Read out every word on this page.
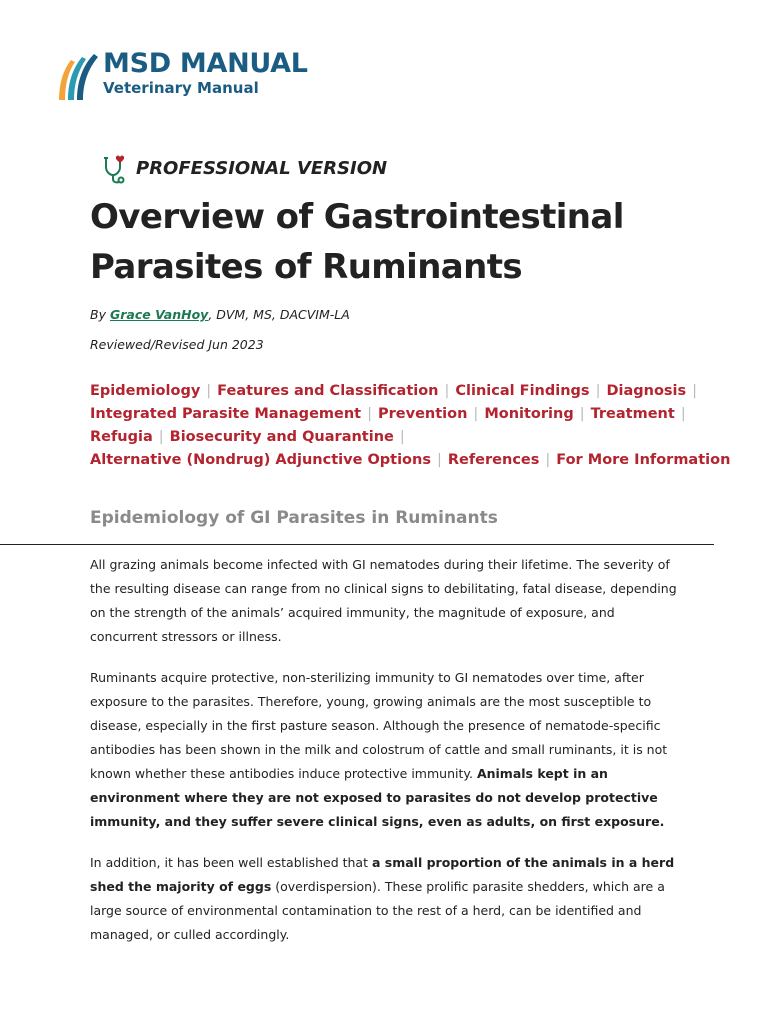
MSD MANUAL
Veterinary Manual
PROFESSIONAL VERSION
Overview of Gastrointestinal Parasites of Ruminants
By Grace VanHoy, DVM, MS, DACVIM-LA
Reviewed/Revised Jun 2023
Epidemiology | Features and Classification | Clinical Findings | Diagnosis |
Integrated Parasite Management | Prevention | Monitoring | Treatment |
Refugia | Biosecurity and Quarantine |
Alternative (Nondrug) Adjunctive Options | References | For More Information
Epidemiology of GI Parasites in Ruminants

All grazing animals become infected with GI nematodes during their lifetime. The severity of the resulting disease can range from no clinical signs to debilitating, fatal disease, depending on the strength of the animals’ acquired immunity, the magnitude of exposure, and concurrent stressors or illness.

Ruminants acquire protective, non-sterilizing immunity to GI nematodes over time, after exposure to the parasites. Therefore, young, growing animals are the most susceptible to disease, especially in the first pasture season. Although the presence of nematode-specific antibodies has been shown in the milk and colostrum of cattle and small ruminants, it is not known whether these antibodies induce protective immunity. Animals kept in an environment where they are not exposed to parasites do not develop protective immunity, and they suffer severe clinical signs, even as adults, on first exposure.

In addition, it has been well established that a small proportion of the animals in a herd shed the majority of eggs (overdispersion). These prolific parasite shedders, which are a large source of environmental contamination to the rest of a herd, can be identified and managed, or culled accordingly.
